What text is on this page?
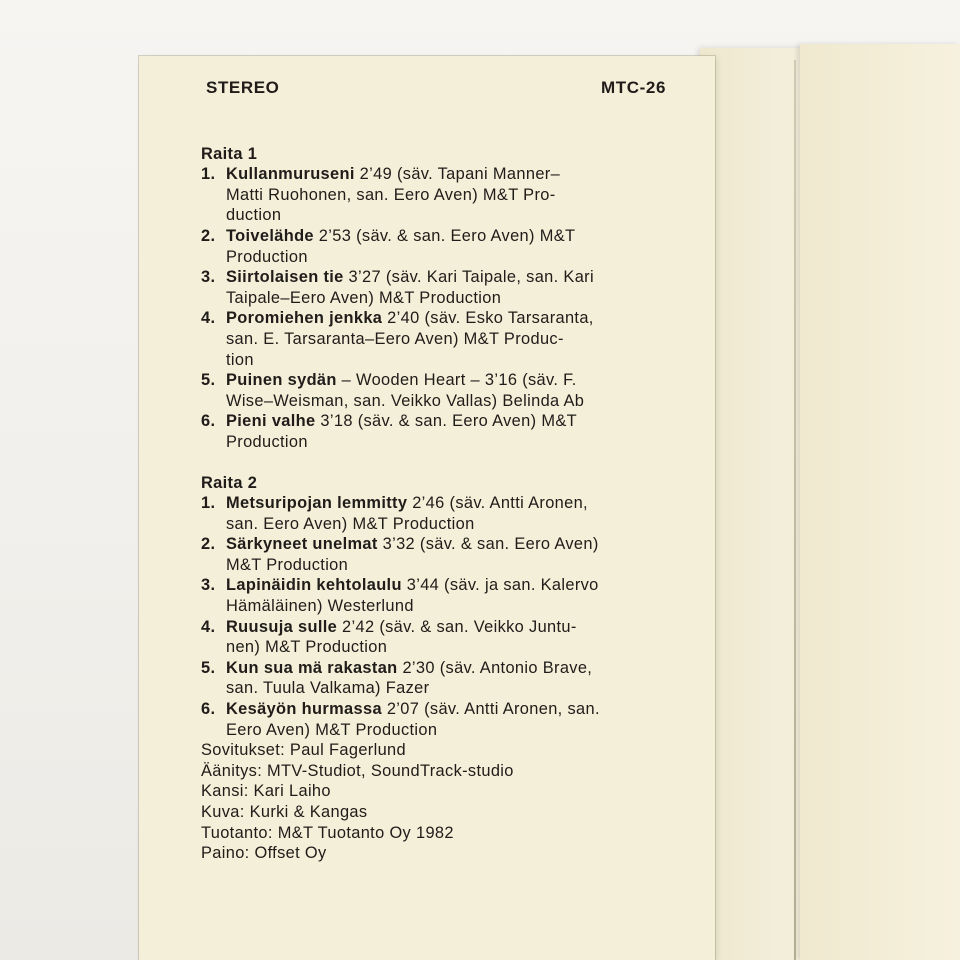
STEREO	MTC-26
Raita 1
1. Kullanmuruseni 2’49 (säv. Tapani Manner–
Matti Ruohonen, san. Eero Aven) M&T Pro-
duction
2. Toivelähde 2’53 (säv. & san. Eero Aven) M&T
Production
3. Siirtolaisen tie 3’27 (säv. Kari Taipale, san. Kari
Taipale–Eero Aven) M&T Production
4. Poromiehen jenkka 2’40 (säv. Esko Tarsaranta,
san. E. Tarsaranta–Eero Aven) M&T Produc-
tion
5. Puinen sydän – Wooden Heart – 3’16 (säv. F.
Wise–Weisman, san. Veikko Vallas) Belinda Ab
6. Pieni valhe 3’18 (säv. & san. Eero Aven) M&T
Production
Raita 2
1. Metsuripojan lemmitty 2’46 (säv. Antti Aronen,
san. Eero Aven) M&T Production
2. Särkyneet unelmat 3’32 (säv. & san. Eero Aven)
M&T Production
3. Lapinäidin kehtolaulu 3’44 (säv. ja san. Kalervo
Hämäläinen) Westerlund
4. Ruusuja sulle 2’42 (säv. & san. Veikko Juntu-
nen) M&T Production
5. Kun sua mä rakastan 2’30 (säv. Antonio Brave,
san. Tuula Valkama) Fazer
6. Kesäyön hurmassa 2’07 (säv. Antti Aronen, san.
Eero Aven) M&T Production
Sovitukset: Paul Fagerlund
Äänitys: MTV-Studiot, SoundTrack-studio
Kansi: Kari Laiho
Kuva: Kurki & Kangas
Tuotanto: M&T Tuotanto Oy 1982
Paino: Offset Oy
